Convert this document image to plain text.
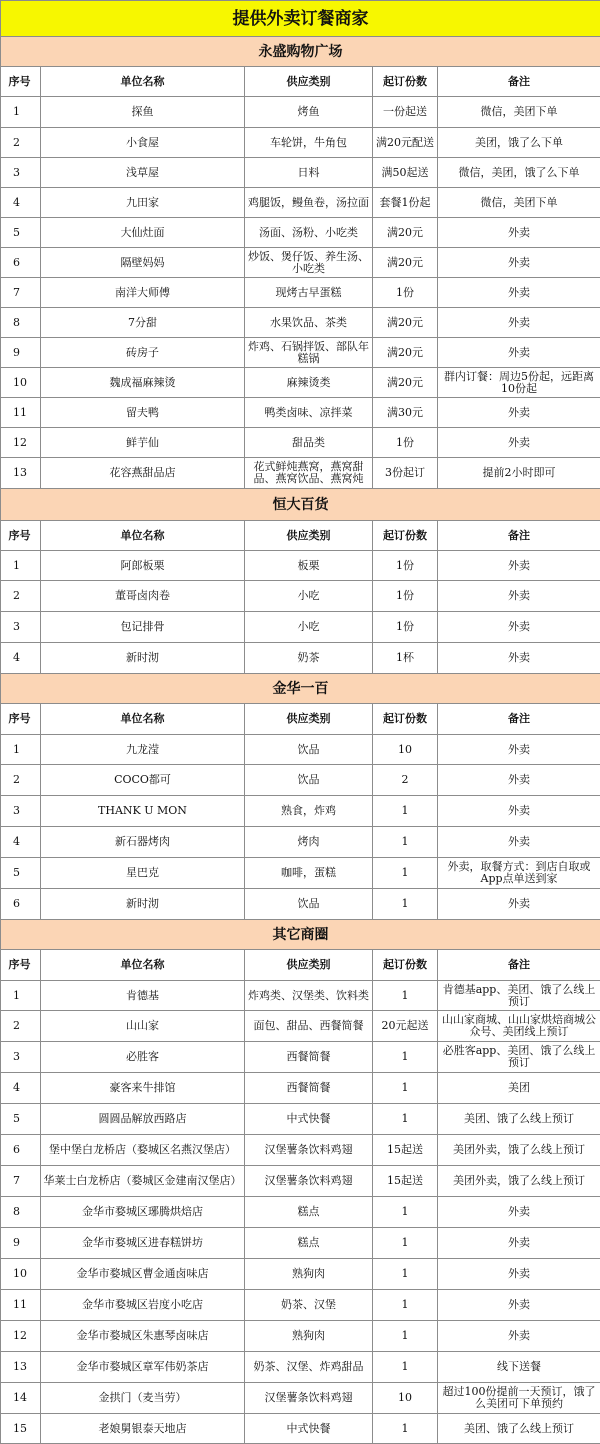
提供外卖订餐商家				
永盛购物广场				
序号	单位名称	供应类别	起订份数	备注
1	探鱼	烤鱼	一份起送	微信，美团下单
2	小食屋	车轮饼，牛角包	满20元配送	美团，饿了么下单
3	浅草屋	日料	满50起送	微信，美团，饿了么下单
4	九田家	鸡腿饭，鳗鱼卷，汤拉面	套餐1份起	微信，美团下单
5	大仙灶面	汤面、汤粉、小吃类	满20元	外卖
6	隔壁妈妈	炒饭、煲仔饭、养生汤、小吃类	满20元	外卖
7	南洋大师傅	现烤古早蛋糕	1份	外卖
8	7分甜	水果饮品、茶类	满20元	外卖
9	砖房子	炸鸡、石锅拌饭、部队年糕锅	满20元	外卖
10	魏成福麻辣烫	麻辣烫类	满20元	群内订餐：周边5份起，远距离10份起
11	留夫鸭	鸭类卤味、凉拌菜	满30元	外卖
12	鲜芋仙	甜品类	1份	外卖
13	花容燕甜品店	花式鲜炖燕窝，燕窝甜品、燕窝饮品、燕窝炖	3份起订	提前2小时即可
恒大百货				
序号	单位名称	供应类别	起订份数	备注
1	阿郎板栗	板栗	1份	外卖
2	董哥卤肉卷	小吃	1份	外卖
3	包记排骨	小吃	1份	外卖
4	新时沏	奶茶	1杯	外卖
金华一百				
序号	单位名称	供应类别	起订份数	备注
1	九龙滢	饮品	10	外卖
2	COCO都可	饮品	2	外卖
3	THANK U MON	熟食，炸鸡	1	外卖
4	新石器烤肉	烤肉	1	外卖
5	星巴克	咖啡，蛋糕	1	外卖，取餐方式：到店自取或App点单送到家
6	新时沏	饮品	1	外卖
其它商圈				
序号	单位名称	供应类别	起订份数	备注
1	肯德基	炸鸡类、汉堡类、饮料类	1	肯德基app、美团、饿了么线上预订
2	山山家	面包、甜品、西餐简餐	20元起送	山山家商城、山山家烘焙商城公众号、美团线上预订
3	必胜客	西餐简餐	1	必胜客app、美团、饿了么线上预订
4	豪客来牛排馆	西餐简餐	1	美团
5	圆圆品解放西路店	中式快餐	1	美团、饿了么线上预订
6	堡中堡白龙桥店（婺城区名燕汉堡店）	汉堡薯条饮料鸡翅	15起送	美团外卖，饿了么线上预订
7	华莱士白龙桥店（婺城区金建南汉堡店）	汉堡薯条饮料鸡翅	15起送	美团外卖，饿了么线上预订
8	金华市婺城区琊腾烘焙店	糕点	1	外卖
9	金华市婺城区进春糕饼坊	糕点	1	外卖
10	金华市婺城区曹金通卤味店	熟狗肉	1	外卖
11	金华市婺城区岩度小吃店	奶茶、汉堡	1	外卖
12	金华市婺城区朱惠琴卤味店	熟狗肉	1	外卖
13	金华市婺城区章军伟奶茶店	奶茶、汉堡、炸鸡甜品	1	线下送餐
14	金拱门（麦当劳）	汉堡薯条饮料鸡翅	10	超过100份提前一天预订，饿了么美团可下单预约
15	老娘舅银泰天地店	中式快餐	1	美团、饿了么线上预订
